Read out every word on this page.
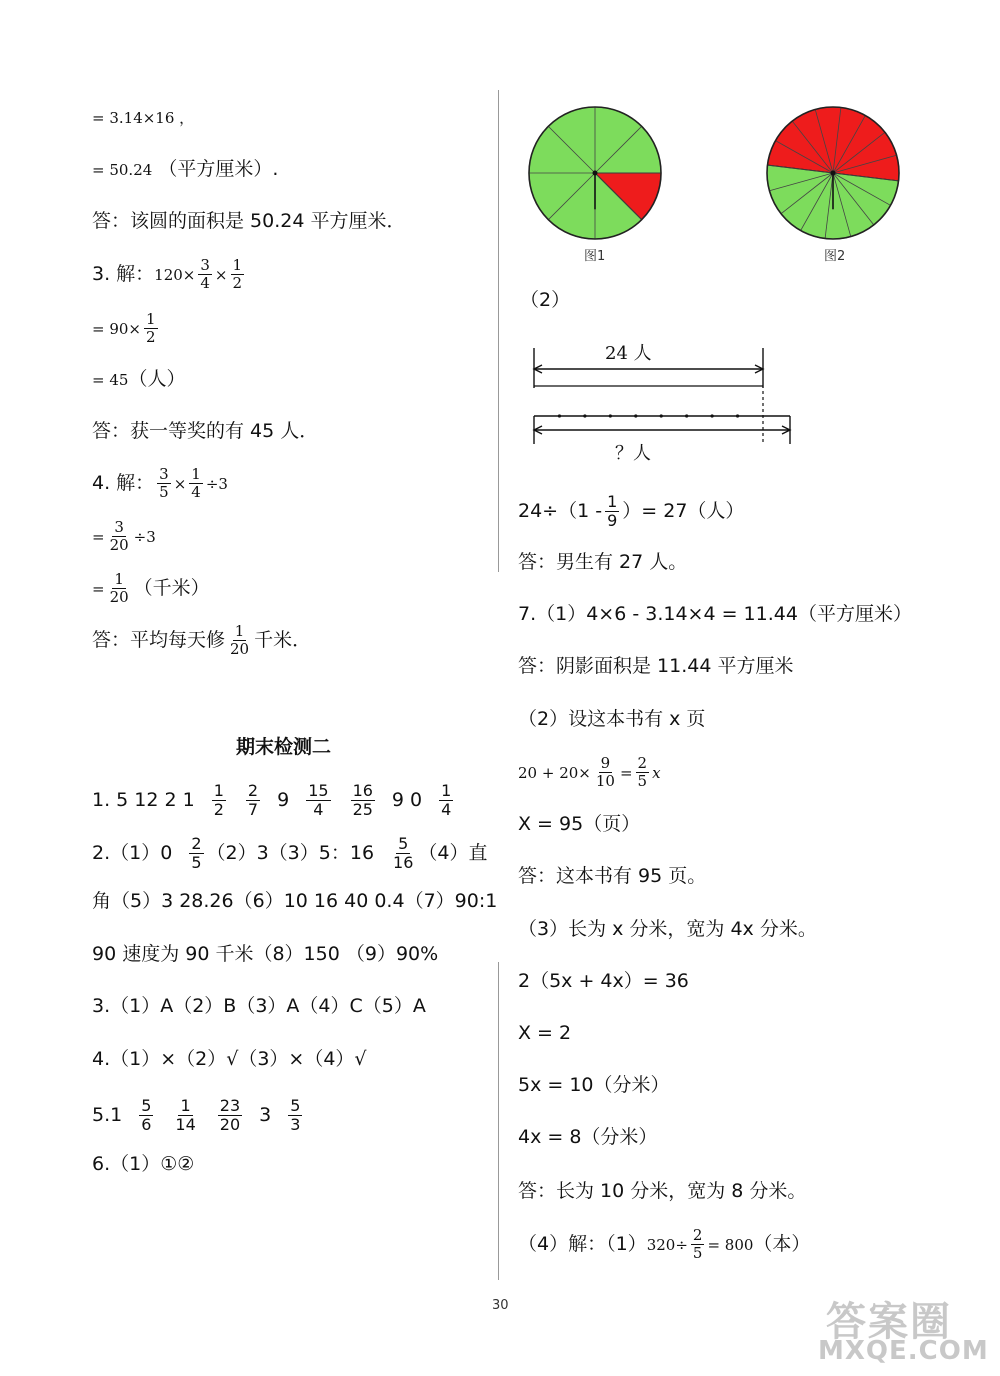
= 3.14×16 ，
= 50.24 （平方厘米）.
答：该圆的面积是 50.24 平方厘米．
3. 解：$120\times \frac{3}{4} \times \frac{1}{2}$
= $90\times \frac{1}{2}$
= 45（人）
答：获一等奖的有 45 人．
4. 解： $\frac{3}{5} \times \frac{1}{4} \div 3$
= $\frac{3}{20} \div 3$
= $\frac{1}{20}$ （千米）
答：平均每天修 $\frac{1}{20}$ 千米．
期末检测二
1. 5 12 2 $1 \frac{1}{2} \frac{2}{7} 9 \frac{15}{4} \frac{16}{25} 9$ $0 \frac{1}{4}$
$2.(1)0 \frac{2}{5} (2)3(3)5$：$16 \frac{5}{16} (4)$直
角（5）3 28.26（6）10 16 40 0.4（7）90:1
90 速度为 90 千米（8）150 （9）90%
3.（1）A（2）B（3）A（4）C（5）A
4.（1）×（2）√（3）×（4）√
$5.1 \frac{5}{6} \frac{1}{14} \frac{23}{20} 3 \frac{5}{3}$
6.（1）①②
图1	图2
（2）
24 人
？人
$24\div(1 - \frac{1}{9}$ ）= 27（人）
答：男生有 27 人。
7.（1）4×6 - 3.14×4 = 11.44（平方厘米）
答：阴影面积是 11.44 平方厘米
（2）设这本书有 x 页
$20 + 20\times \frac{9}{10} = \frac{2}{5}$ x
X = 95（页）
答：这本书有 95 页。
（3）长为 x 分米，宽为 4x 分米。
2（5x + 4x）= 36
X = 2
5x = 10（分米）
4x = 8（分米）
答：长为 10 分米，宽为 8 分米。
（4）解：$(1)320\div \frac{2}{5} = 800$（本）
30	答案圈
MXQE.COM
